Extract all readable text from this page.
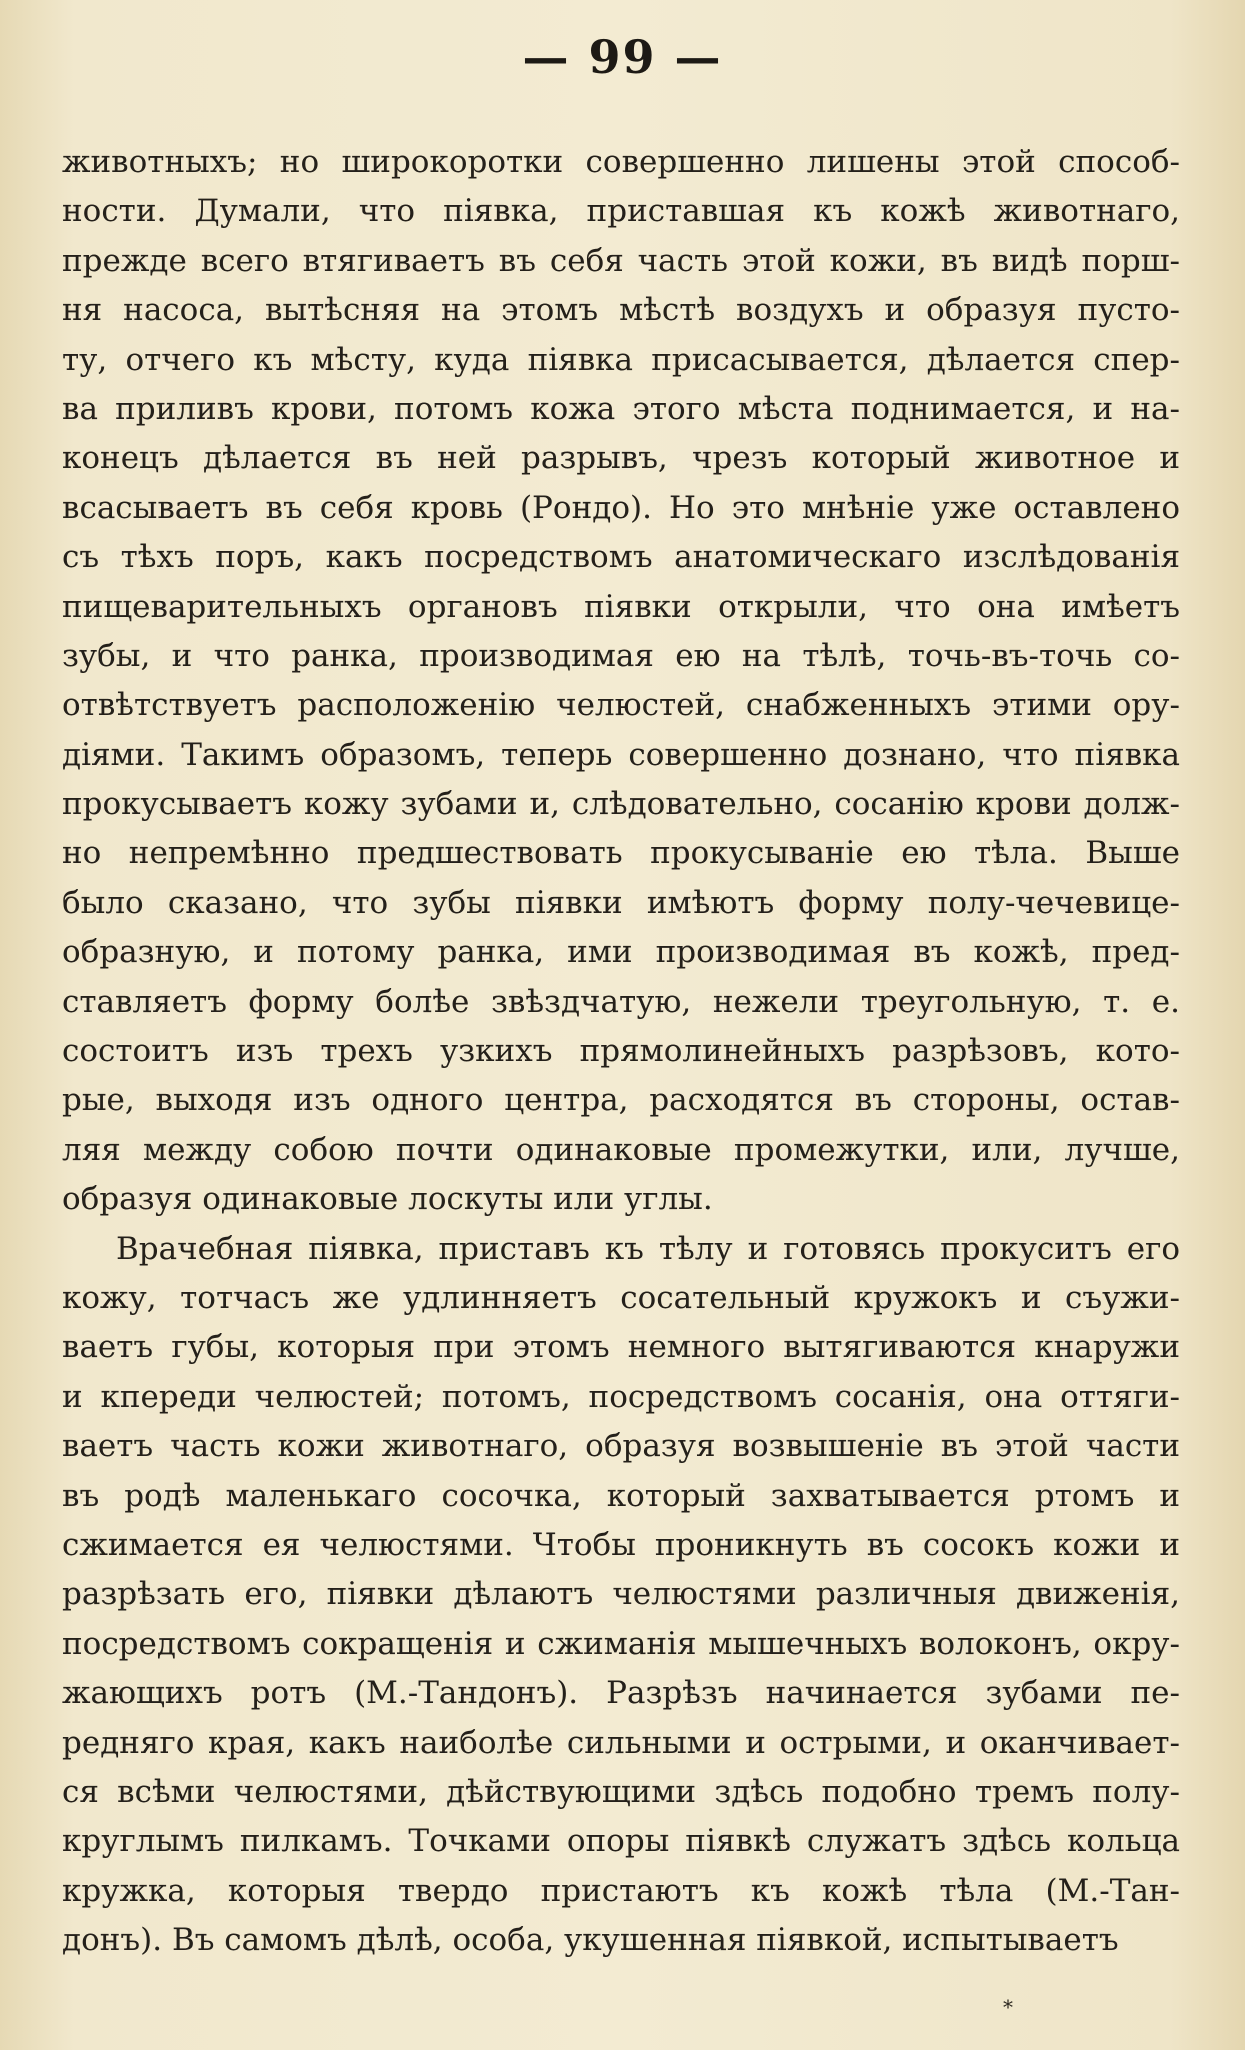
— 99 —
животныхъ; но широкоротки совершенно лишены этой способ-
ности. Думали, что піявка, приставшая къ кожѣ животнаго,
прежде всего втягиваетъ въ себя часть этой кожи, въ видѣ порш-
ня насоса, вытѣсняя на этомъ мѣстѣ воздухъ и образуя пусто-
ту, отчего къ мѣсту, куда піявка присасывается, дѣлается спер-
ва приливъ крови, потомъ кожа этого мѣста поднимается, и на-
конецъ дѣлается въ ней разрывъ, чрезъ который животное и
всасываетъ въ себя кровь (Рондо). Но это мнѣніе уже оставлено
съ тѣхъ поръ, какъ посредствомъ анатомическаго изслѣдованія
пищеварительныхъ органовъ піявки открыли, что она имѣетъ
зубы, и что ранка, производимая ею на тѣлѣ, точь-въ-точь со-
отвѣтствуетъ расположенію челюстей, снабженныхъ этими ору-
діями. Такимъ образомъ, теперь совершенно дознано, что піявка
прокусываетъ кожу зубами и, слѣдовательно, сосанію крови долж-
но непремѣнно предшествовать прокусываніе ею тѣла. Выше
было сказано, что зубы піявки имѣютъ форму полу-чечевице-
образную, и потому ранка, ими производимая въ кожѣ, пред-
ставляетъ форму болѣе звѣздчатую, нежели треугольную, т. е.
состоитъ изъ трехъ узкихъ прямолинейныхъ разрѣзовъ, кото-
рые, выходя изъ одного центра, расходятся въ стороны, остав-
ляя между собою почти одинаковые промежутки, или, лучше,
образуя одинаковые лоскуты или углы.
Врачебная піявка, приставъ къ тѣлу и готовясь прокуситъ его
кожу, тотчасъ же удлинняетъ сосательный кружокъ и съужи-
ваетъ губы, которыя при этомъ немного вытягиваются кнаружи
и кпереди челюстей; потомъ, посредствомъ сосанія, она оттяги-
ваетъ часть кожи животнаго, образуя возвышеніе въ этой части
въ родѣ маленькаго сосочка, который захватывается ртомъ и
сжимается ея челюстями. Чтобы проникнуть въ сосокъ кожи и
разрѣзать его, піявки дѣлаютъ челюстями различныя движенія,
посредствомъ сокращенія и сжиманія мышечныхъ волоконъ, окру-
жающихъ ротъ (М.-Тандонъ). Разрѣзъ начинается зубами пе-
редняго края, какъ наиболѣе сильными и острыми, и оканчивает-
ся всѣми челюстями, дѣйствующими здѣсь подобно тремъ полу-
круглымъ пилкамъ. Точками опоры піявкѣ служатъ здѣсь кольца
кружка, которыя твердо пристаютъ къ кожѣ тѣла (М.-Тан-
донъ). Въ самомъ дѣлѣ, особа, укушенная піявкой, испытываетъ
*
